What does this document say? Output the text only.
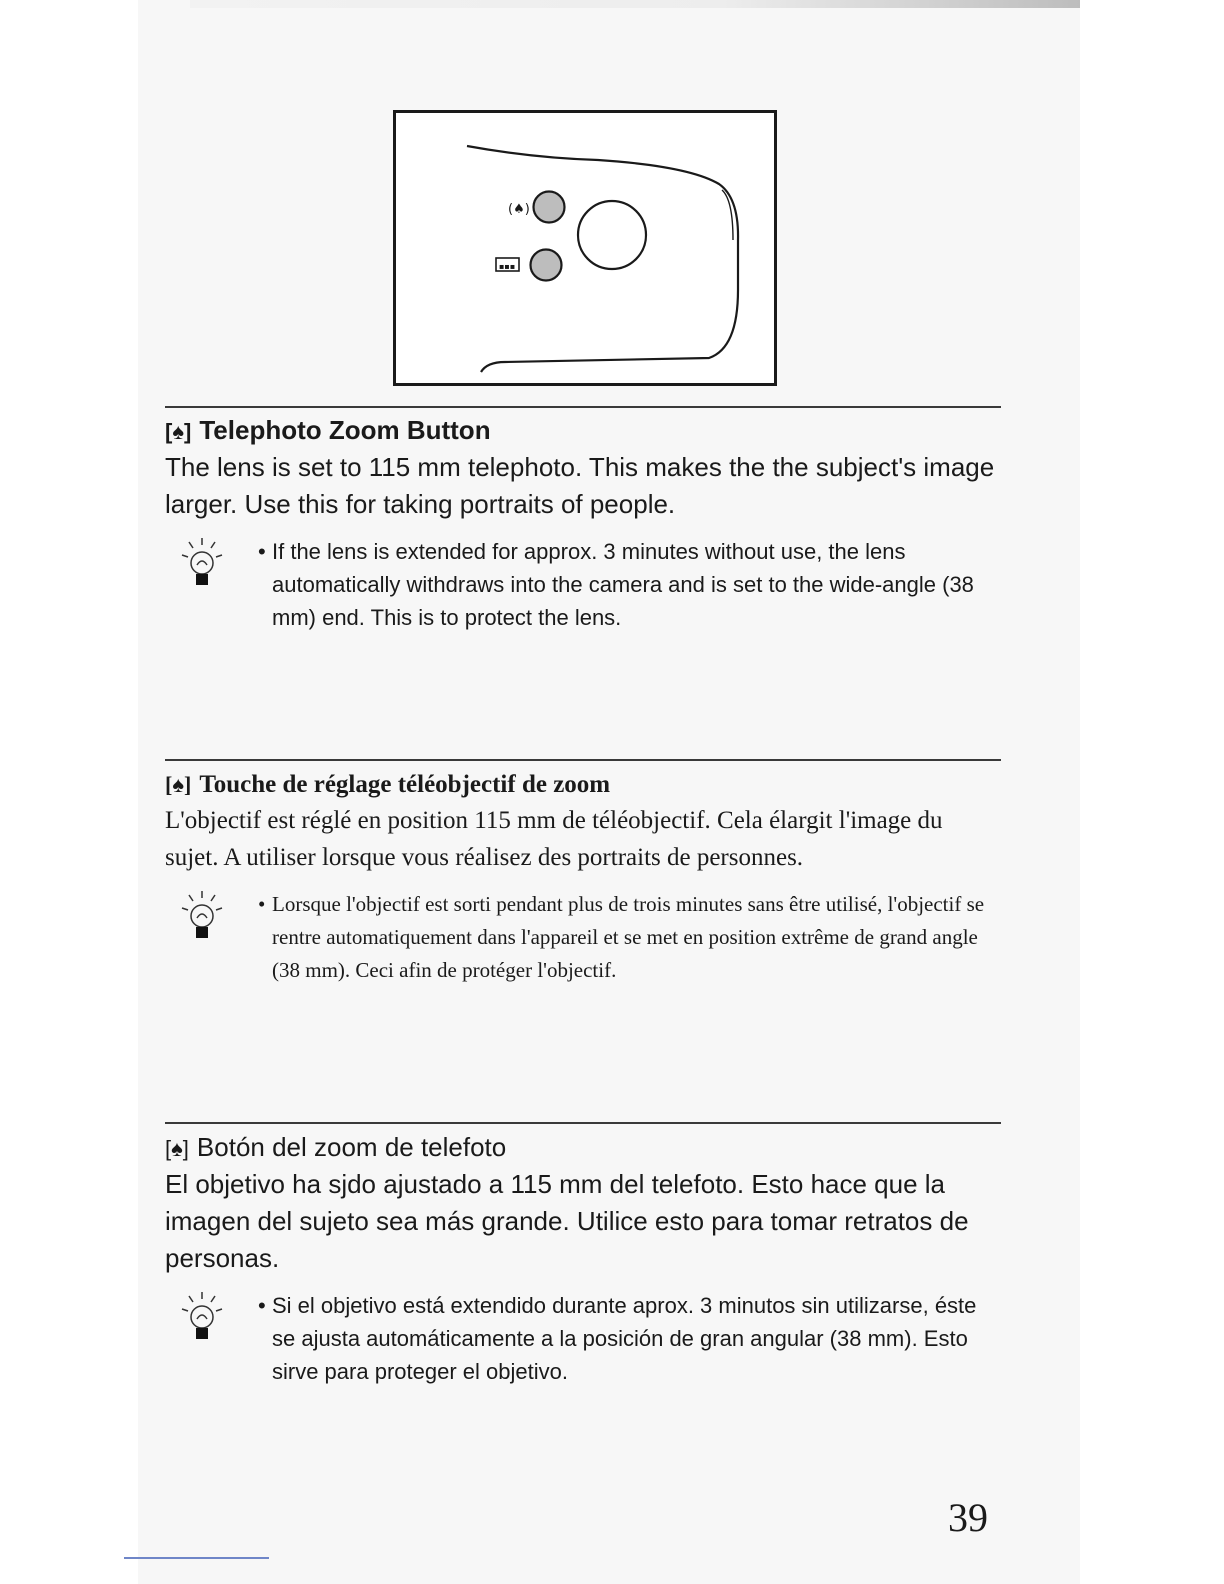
(♠)
▪▪▪
[♠] Telephoto Zoom Button
The lens is set to 115 mm telephoto. This makes the the subject's image larger. Use this for taking portraits of people.
• If the lens is extended for approx. 3 minutes without use, the lens automatically withdraws into the camera and is set to the wide-angle (38 mm) end. This is to protect the lens.
[♠] Touche de réglage téléobjectif de zoom
L'objectif est réglé en position 115 mm de téléobjectif. Cela élargit l'image du sujet. A utiliser lorsque vous réalisez des portraits de personnes.
• Lorsque l'objectif est sorti pendant plus de trois minutes sans être utilisé, l'objectif se rentre automatiquement dans l'appareil et se met en position extrême de grand angle (38 mm). Ceci afin de protéger l'objectif.
[♠] Botón del zoom de telefoto
El objetivo ha sjdo ajustado a 115 mm del telefoto. Esto hace que la imagen del sujeto sea más grande. Utilice esto para tomar retratos de personas.
• Si el objetivo está extendido durante aprox. 3 minutos sin utilizarse, éste se ajusta automáticamente a la posición de gran angular (38 mm). Esto sirve para proteger el objetivo.
39
